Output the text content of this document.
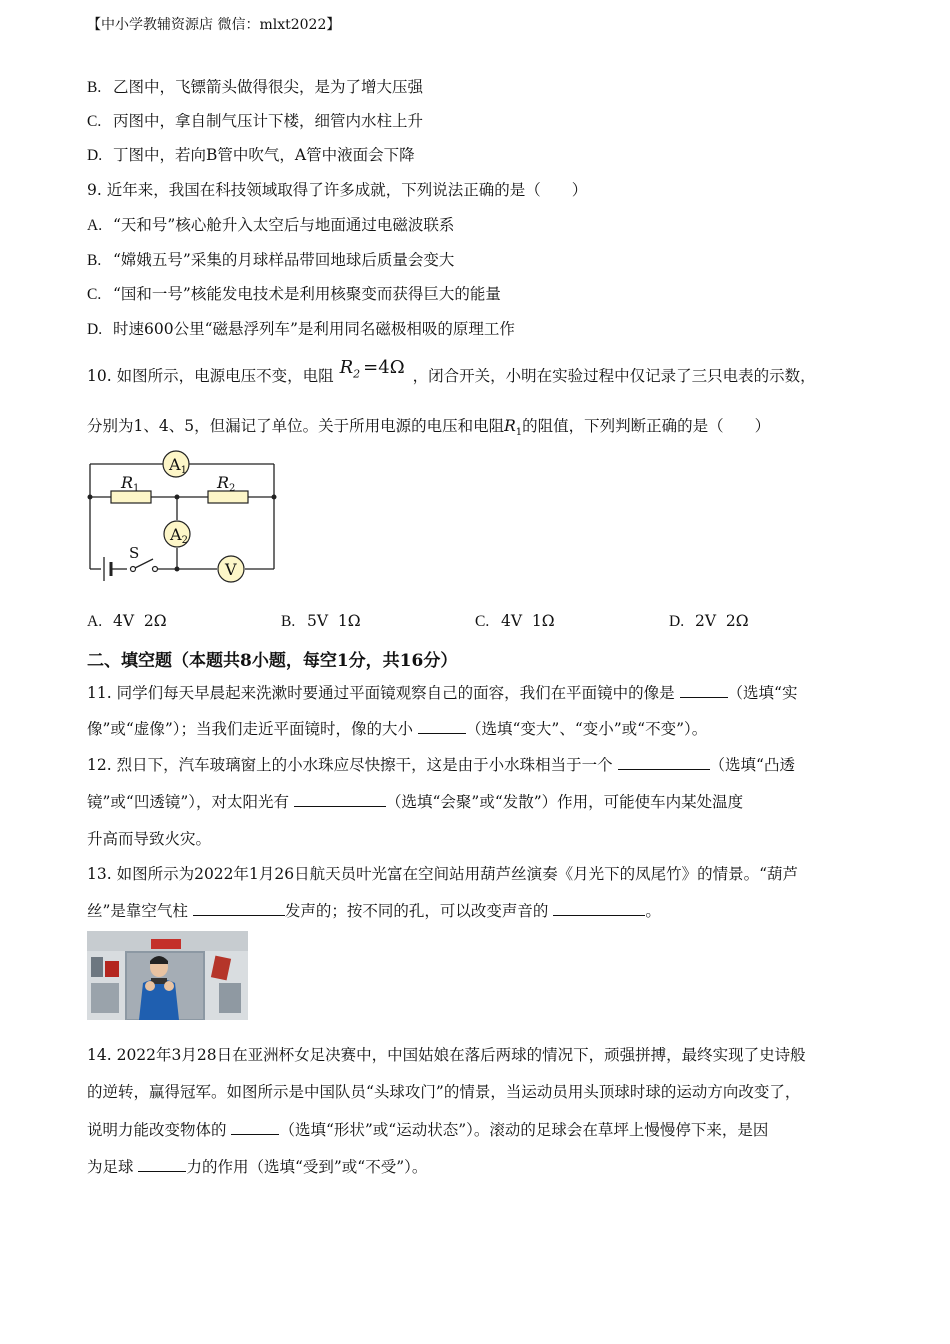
【中小学教辅资源店 微信：mlxt2022】
B. 乙图中，飞镖箭头做得很尖，是为了增大压强
C. 丙图中，拿自制气压计下楼，细管内水柱上升
D. 丁图中，若向B管中吹气，A管中液面会下降
9. 近年来，我国在科技领域取得了许多成就，下列说法正确的是（　　）
A. “天和号”核心舱升入太空后与地面通过电磁波联系
B. “嫦娥五号”采集的月球样品带回地球后质量会变大
C. “国和一号”核能发电技术是利用核聚变而获得巨大的能量
D. 时速600公里“磁悬浮列车”是利用同名磁极相吸的原理工作
10. 如图所示，电源电压不变，电阻 $R_2 =4\Omega$ ，闭合开关，小明在实验过程中仅记录了三只电表的示数，
分别为1、4、5，但漏记了单位。关于所用电源的电压和电阻$R_1$的阻值，下列判断正确的是（　　）
A1
A2
V
R1	R2
S
A. 4V  2Ω	B. 5V  1Ω	C. 4V  1Ω	D. 2V  2Ω
二、填空题（本题共8小题，每空1分，共16分）
11. 同学们每天早晨起来洗漱时要通过平面镜观察自己的面容，我们在平面镜中的像是	（选填“实
像”或“虚像”）；当我们走近平面镜时，像的大小	（选填“变大”、“变小”或“不变”）。
12. 烈日下，汽车玻璃窗上的小水珠应尽快擦干，这是由于小水珠相当于一个	（选填“凸透
镜”或“凹透镜”），对太阳光有	（选填“会聚”或“发散”）作用，可能使车内某处温度
升高而导致火灾。
13. 如图所示为2022年1月26日航天员叶光富在空间站用葫芦丝演奏《月光下的凤尾竹》的情景。“葫芦
丝”是靠空气柱	发声的；按不同的孔，可以改变声音的	。
14. 2022年3月28日在亚洲杯女足决赛中，中国姑娘在落后两球的情况下，顽强拼搏，最终实现了史诗般
的逆转，赢得冠军。如图所示是中国队员“头球攻门”的情景，当运动员用头顶球时球的运动方向改变了，
说明力能改变物体的	（选填“形状”或“运动状态”）。滚动的足球会在草坪上慢慢停下来，是因
为足球	力的作用（选填“受到”或“不受”）。
